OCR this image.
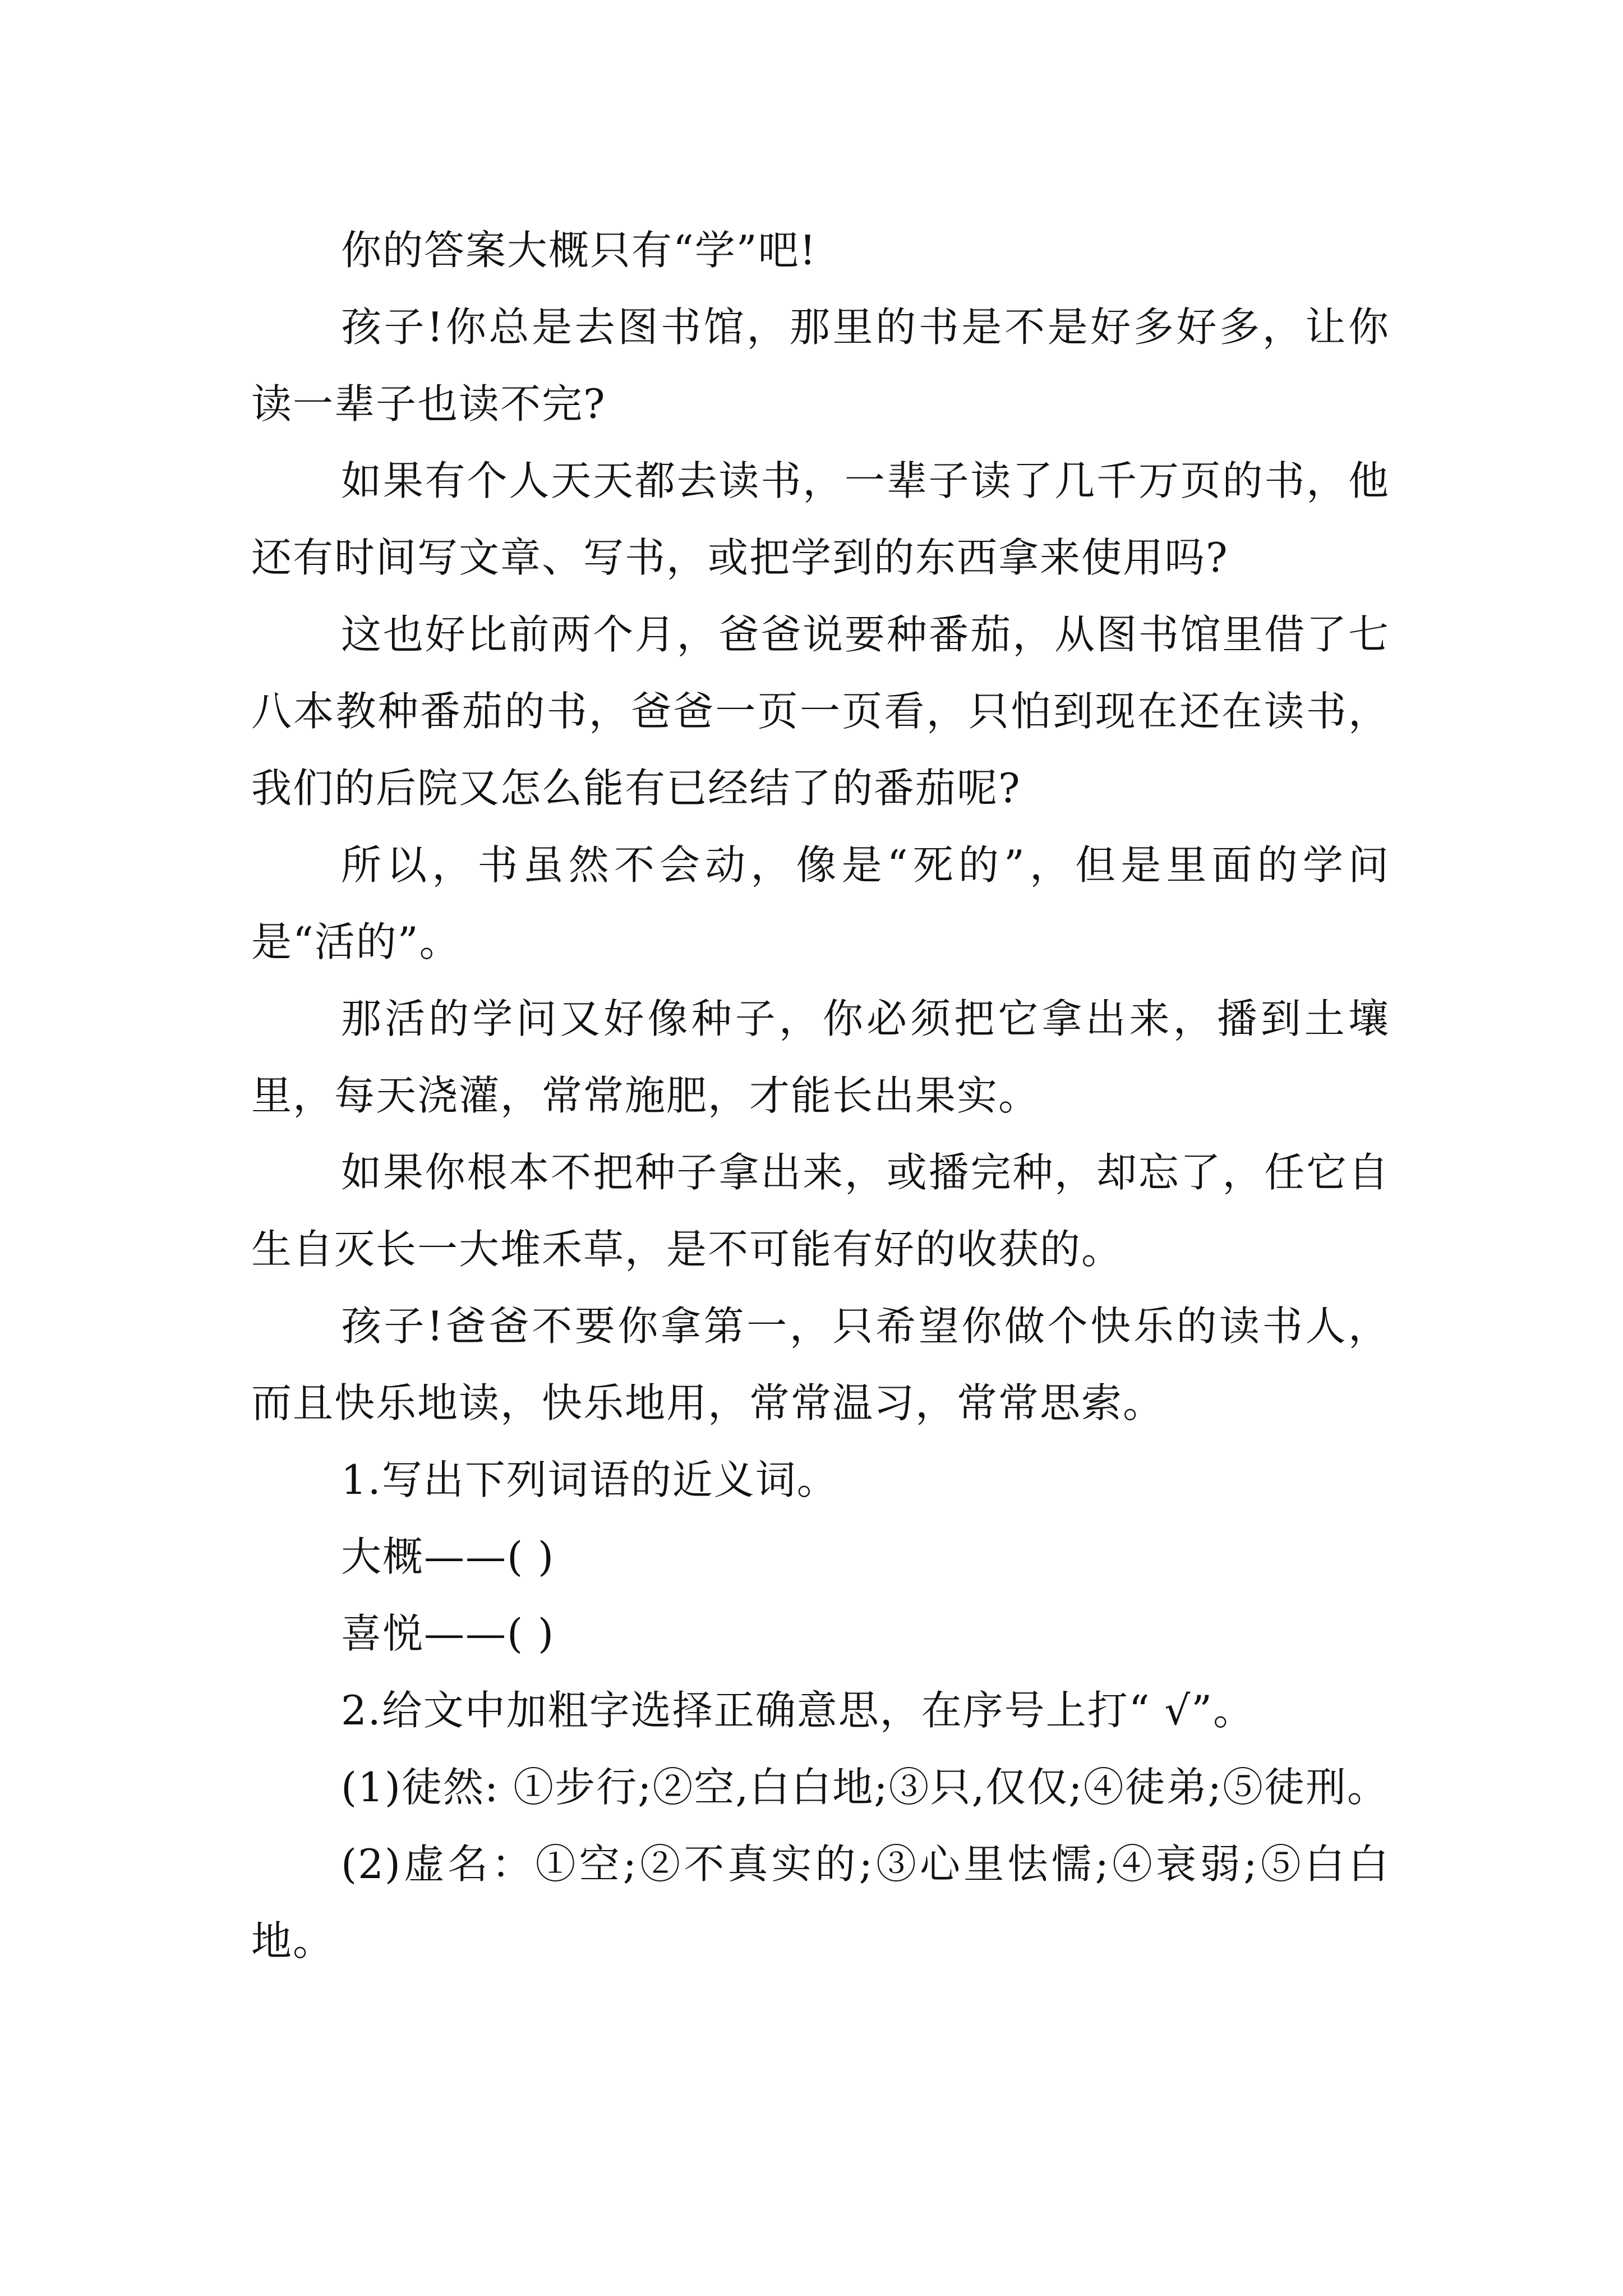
你的答案大概只有“学”吧!

孩子!你总是去图书馆，那里的书是不是好多好多，让你读一辈子也读不完?

如果有个人天天都去读书，一辈子读了几千万页的书，他还有时间写文章、写书，或把学到的东西拿来使用吗?

这也好比前两个月，爸爸说要种番茄，从图书馆里借了七八本教种番茄的书，爸爸一页一页看，只怕到现在还在读书，我们的后院又怎么能有已经结了的番茄呢?

所以，书虽然不会动，像是“死的”，但是里面的学问是“活的”。

那活的学问又好像种子，你必须把它拿出来，播到土壤里，每天浇灌，常常施肥，才能长出果实。

如果你根本不把种子拿出来，或播完种，却忘了，任它自生自灭长一大堆禾草，是不可能有好的收获的。

孩子!爸爸不要你拿第一，只希望你做个快乐的读书人，而且快乐地读，快乐地用，常常温习，常常思索。

1.写出下列词语的近义词。

大概——( )

喜悦——( )

2.给文中加粗字选择正确意思，在序号上打“ √”。

(1)徒然: ①步行;②空,白白地;③只,仅仅;④徒弟;⑤徒刑。

(2)虚名：①空;②不真实的;③心里怯懦;④衰弱;⑤白白地。
